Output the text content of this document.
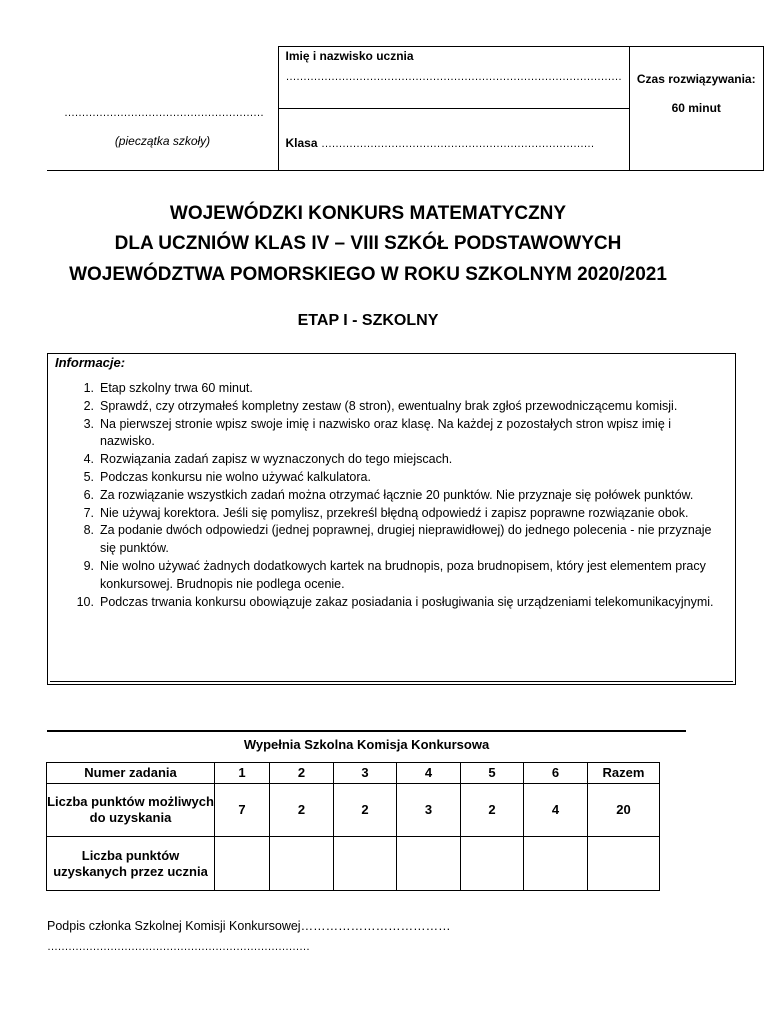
…………………………………………………
(pieczątka szkoły)

Imię i nazwisko ucznia
……………………………………………………………………………………	Czas rozwiązywania:
60 minut

Klasa ……………………………………………………………………
WOJEWÓDZKI KONKURS MATEMATYCZNY
DLA UCZNIÓW KLAS IV – VIII SZKÓŁ PODSTAWOWYCH
WOJEWÓDZTWA POMORSKIEGO W ROKU SZKOLNYM 2020/2021
ETAP I - SZKOLNY
Informacje:
1. Etap szkolny trwa 60 minut.
2. Sprawdź, czy otrzymałeś kompletny zestaw (8 stron), ewentualny brak zgłoś przewodniczącemu komisji.
3. Na pierwszej stronie wpisz swoje imię i nazwisko oraz klasę. Na każdej z pozostałych stron wpisz imię i nazwisko.
4. Rozwiązania zadań zapisz w wyznaczonych do tego miejscach.
5. Podczas konkursu nie wolno używać kalkulatora.
6. Za rozwiązanie wszystkich zadań można otrzymać łącznie 20 punktów. Nie przyznaje się połówek punktów.
7. Nie używaj korektora. Jeśli się pomylisz, przekreśl błędną odpowiedź i zapisz poprawne rozwiązanie obok.
8. Za podanie dwóch odpowiedzi (jednej poprawnej, drugiej nieprawidłowej) do jednego polecenia - nie przyznaje się punktów.
9. Nie wolno używać żadnych dodatkowych kartek na brudnopis, poza brudnopisem, który jest elementem pracy konkursowej. Brudnopis nie podlega ocenie.
10. Podczas trwania konkursu obowiązuje zakaz posiadania i posługiwania się urządzeniami telekomunikacyjnymi.
Wypełnia Szkolna Komisja Konkursowa
Numer zadania	1	2	3	4	5	6	Razem
Liczba punktów możliwych do uzyskania	7	2	2	3	2	4	20
Liczba punktów uzyskanych przez ucznia							
Podpis członka Szkolnej Komisji Konkursowej………………………………
…………………………………………………………………
